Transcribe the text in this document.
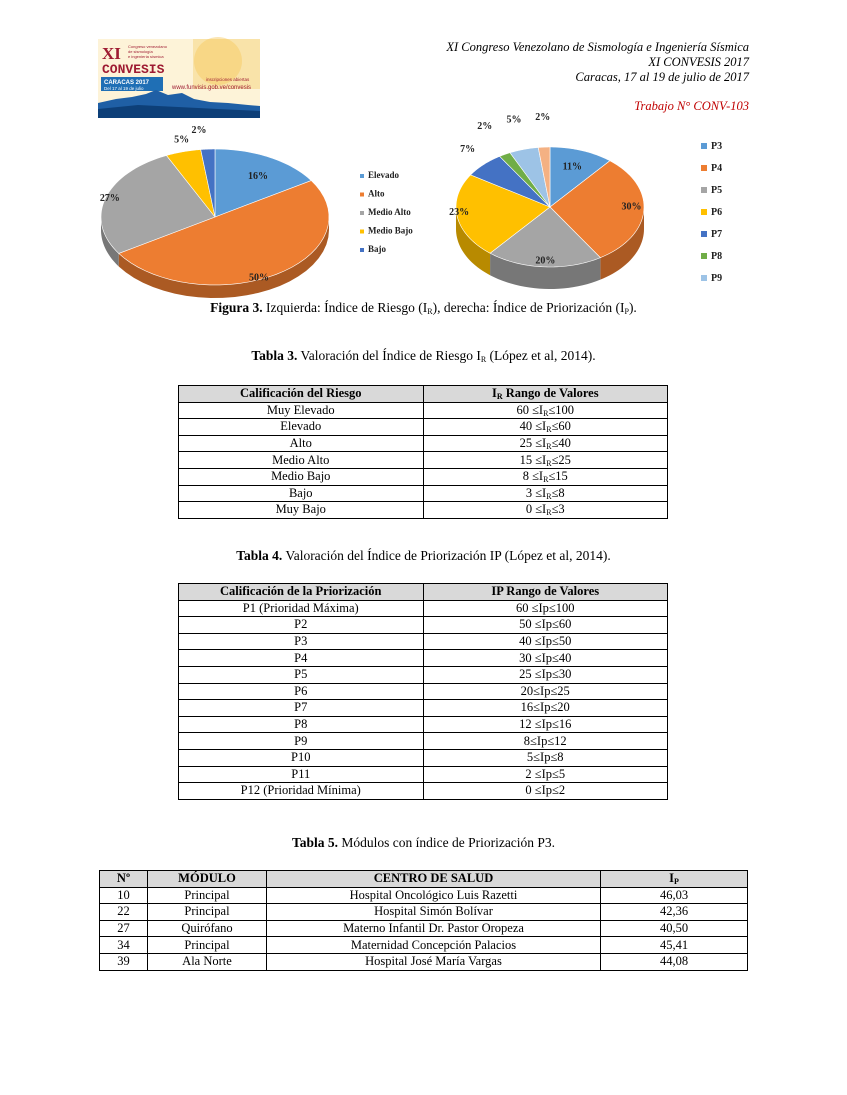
XI
CONVESIS
Congreso venezolano
de sismología
e ingeniería sísmica
CARACAS 2017
Del 17 al 19 de julio
inscripciones abiertas
www.funvisis.gob.ve/convesis
XI Congreso Venezolano de Sismología e Ingeniería Sísmica
XI CONVESIS 2017
Caracas, 17 al 19 de julio de 2017
Trabajo N° CONV-103
16%
50%
27%
5%
2%
Elevado
Alto
Medio Alto
Medio Bajo
Bajo
11%
30%
20%
23%
7%
2%
5% 2%
P3
P4
P5
P6
P7
P8
P9
Figura 3. Izquierda: Índice de Riesgo $(I_R)$, derecha: Índice de Priorización $(I_P)$.
Tabla 3. Valoración del Índice de Riesgo $I_R$ (López et al, 2014).
Calificación del Riesgo	$I_R$ Rango de Valores
Muy Elevado	$60 \le I_R\le 100$
Elevado	$40 \le I_R\le 60$
Alto	$25 \le I_R\le 40$
Medio Alto	$15 \le I_R\le 25$
Medio Bajo	$8 \le I_R\le 15$
Bajo	$3 \le I_R\le 8$
Muy Bajo	$0 \le I_R\le 3$
Tabla 4. Valoración del Índice de Priorización IP (López et al, 2014).
Calificación de la Priorización	IP Rango de Valores
P1 (Prioridad Máxima)	60 ≤Ip≤100
P2	50 ≤Ip≤60
P3	40 ≤Ip≤50
P4	30 ≤Ip≤40
P5	25 ≤Ip≤30
P6	20≤Ip≤25
P7	16≤Ip≤20
P8	12 ≤Ip≤16
P9	8≤Ip≤12
P10	5≤Ip≤8
P11	2 ≤Ip≤5
P12 (Prioridad Mínima)	0 ≤Ip≤2
Tabla 5. Módulos con índice de Priorización P3.
Nº	MÓDULO	CENTRO DE SALUD	$I_P$
10	Principal	Hospital Oncológico Luis Razetti	46,03
22	Principal	Hospital Simón Bolívar	42,36
27	Quirófano	Materno Infantil Dr. Pastor Oropeza	40,50
34	Principal	Maternidad Concepción Palacios	45,41
39	Ala Norte	Hospital José María Vargas	44,08
